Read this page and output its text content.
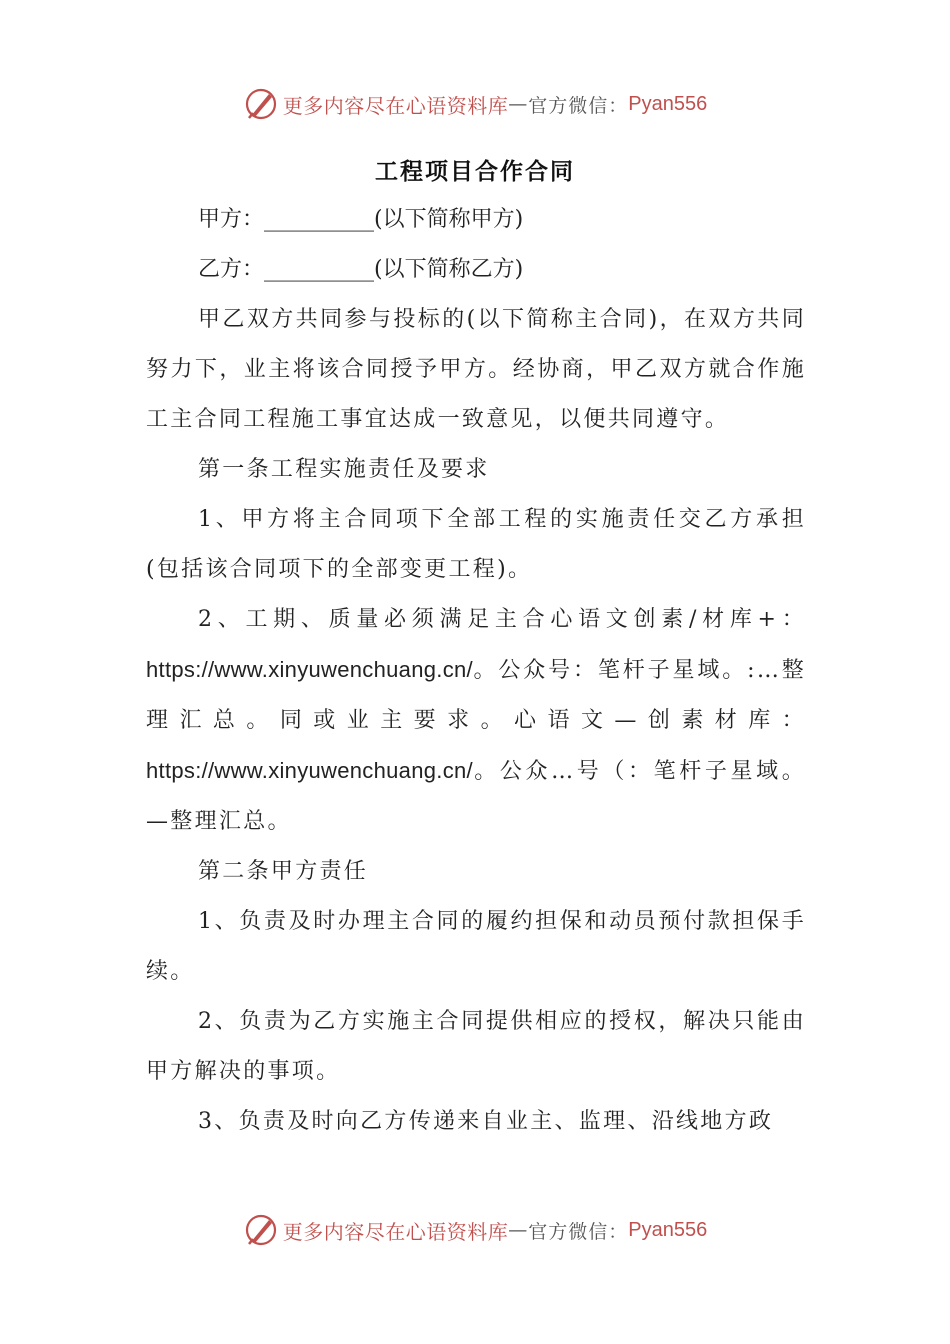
更多内容尽在心语资料库 — 官方微信： Pyan556
工程项目合作合同

甲方：__________(以下简称甲方)

乙方：__________(以下简称乙方)

甲乙双方共同参与投标的(以下简称主合同)，在双方共同努力下，业主将该合同授予甲方。经协商，甲乙双方就合作施工主合同工程施工事宜达成一致意见，以便共同遵守。

第一条工程实施责任及要求

1、甲方将主合同项下全部工程的实施责任交乙方承担(包括该合同项下的全部变更工程)。

2、工期、质量必须满足主合心语文创素/材库+：https://www.xinyuwenchuang.cn/。公众号：笔杆子星域。:…整理汇总。同或业主要求。心语文—创素材库：https://www.xinyuwenchuang.cn/。公众…号（：笔杆子星域。—整理汇总。

第二条甲方责任

1、负责及时办理主合同的履约担保和动员预付款担保手续。

2、负责为乙方实施主合同提供相应的授权，解决只能由甲方解决的事项。

3、负责及时向乙方传递来自业主、监理、沿线地方政

更多内容尽在心语资料库 — 官方微信： Pyan556
